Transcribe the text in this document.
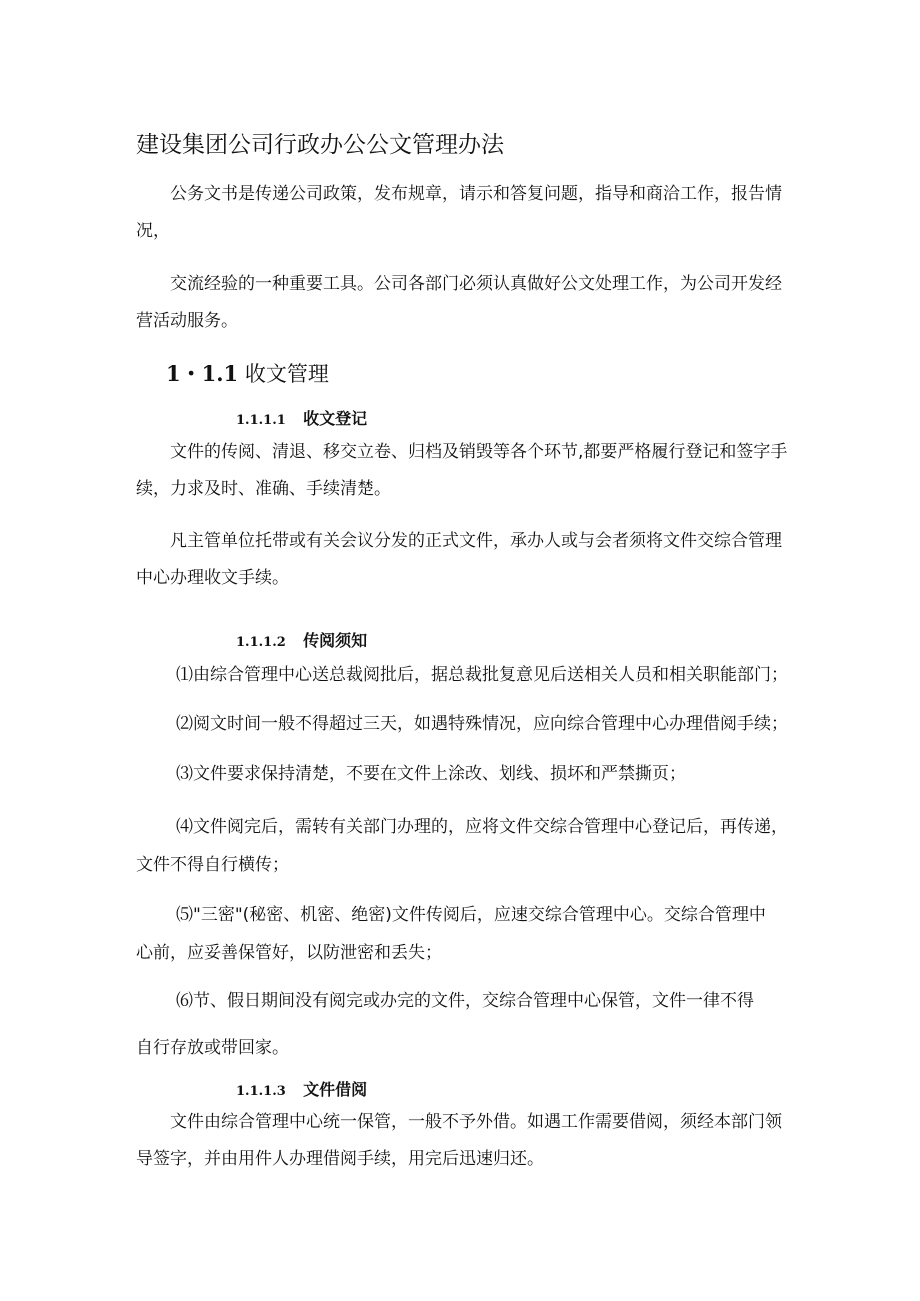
建设集团公司行政办公公文管理办法
公务文书是传递公司政策，发布规章，请示和答复问题，指导和商洽工作，报告情
况，
交流经验的一种重要工具。公司各部门必须认真做好公文处理工作，为公司开发经
营活动服务。
1・1.1 收文管理
1.1.1.1 收文登记
文件的传阅、清退、移交立卷、归档及销毁等各个环节,都要严格履行登记和签字手
续，力求及时、准确、手续清楚。
凡主管单位托带或有关会议分发的正式文件，承办人或与会者须将文件交综合管理
中心办理收文手续。
1.1.1.2 传阅须知
⑴由综合管理中心送总裁阅批后，据总裁批复意见后送相关人员和相关职能部门；
⑵阅文时间一般不得超过三天，如遇特殊情况，应向综合管理中心办理借阅手续；
⑶文件要求保持清楚，不要在文件上涂改、划线、损坏和严禁撕页；
⑷文件阅完后，需转有关部门办理的，应将文件交综合管理中心登记后，再传递，
文件不得自行横传；
⑸"三密"(秘密、机密、绝密)文件传阅后，应速交综合管理中心。交综合管理中
心前，应妥善保管好，以防泄密和丢失；
⑹节、假日期间没有阅完或办完的文件，交综合管理中心保管，文件一律不得
自行存放或带回家。
1.1.1.3 文件借阅
文件由综合管理中心统一保管，一般不予外借。如遇工作需要借阅，须经本部门领
导签字，并由用件人办理借阅手续，用完后迅速归还。
